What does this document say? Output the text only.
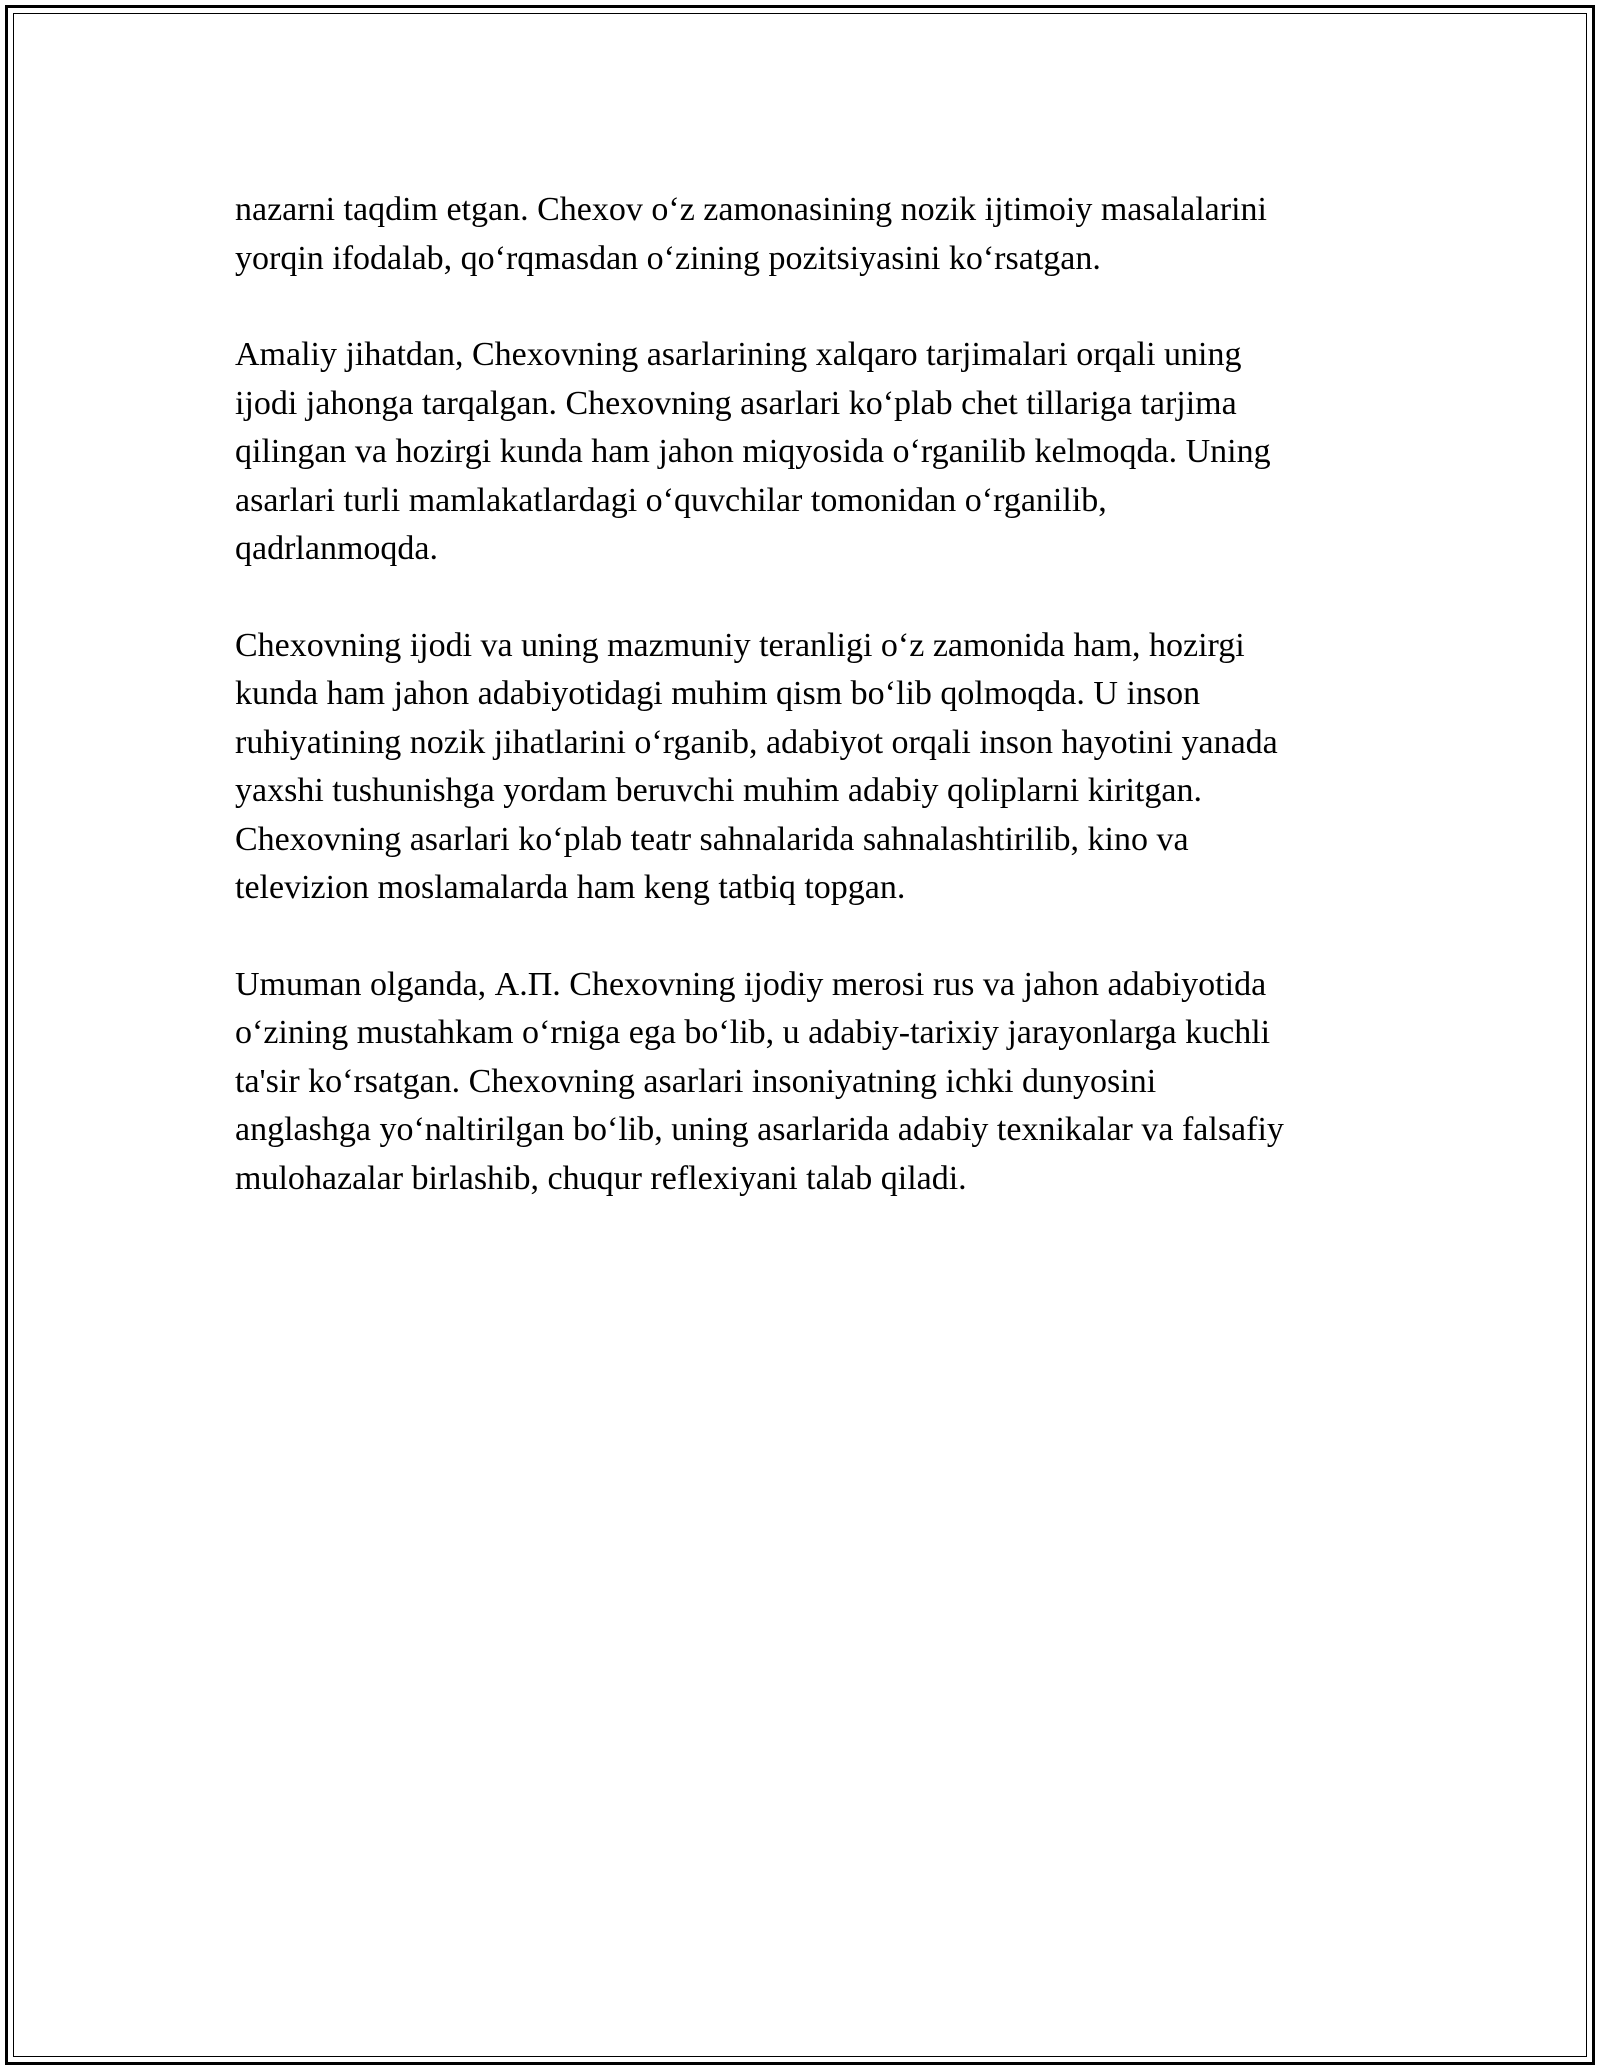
nazarni taqdim etgan. Chexov o‘z zamonasining nozik ijtimoiy masalalarini
yorqin ifodalab, qo‘rqmasdan o‘zining pozitsiyasini ko‘rsatgan.

Amaliy jihatdan, Chexovning asarlarining xalqaro tarjimalari orqali uning
ijodi jahonga tarqalgan. Chexovning asarlari ko‘plab chet tillariga tarjima
qilingan va hozirgi kunda ham jahon miqyosida o‘rganilib kelmoqda. Uning
asarlari turli mamlakatlardagi o‘quvchilar tomonidan o‘rganilib,
qadrlanmoqda.

Chexovning ijodi va uning mazmuniy teranligi o‘z zamonida ham, hozirgi
kunda ham jahon adabiyotidagi muhim qism bo‘lib qolmoqda. U inson
ruhiyatining nozik jihatlarini o‘rganib, adabiyot orqali inson hayotini yanada
yaxshi tushunishga yordam beruvchi muhim adabiy qoliplarni kiritgan.
Chexovning asarlari ko‘plab teatr sahnalarida sahnalashtirilib, kino va
televizion moslamalarda ham keng tatbiq topgan.

Umuman olganda, А.П. Chexovning ijodiy merosi rus va jahon adabiyotida
o‘zining mustahkam o‘rniga ega bo‘lib, u adabiy-tarixiy jarayonlarga kuchli
ta'sir ko‘rsatgan. Chexovning asarlari insoniyatning ichki dunyosini
anglashga yo‘naltirilgan bo‘lib, uning asarlarida adabiy texnikalar va falsafiy
mulohazalar birlashib, chuqur reflexiyani talab qiladi.
